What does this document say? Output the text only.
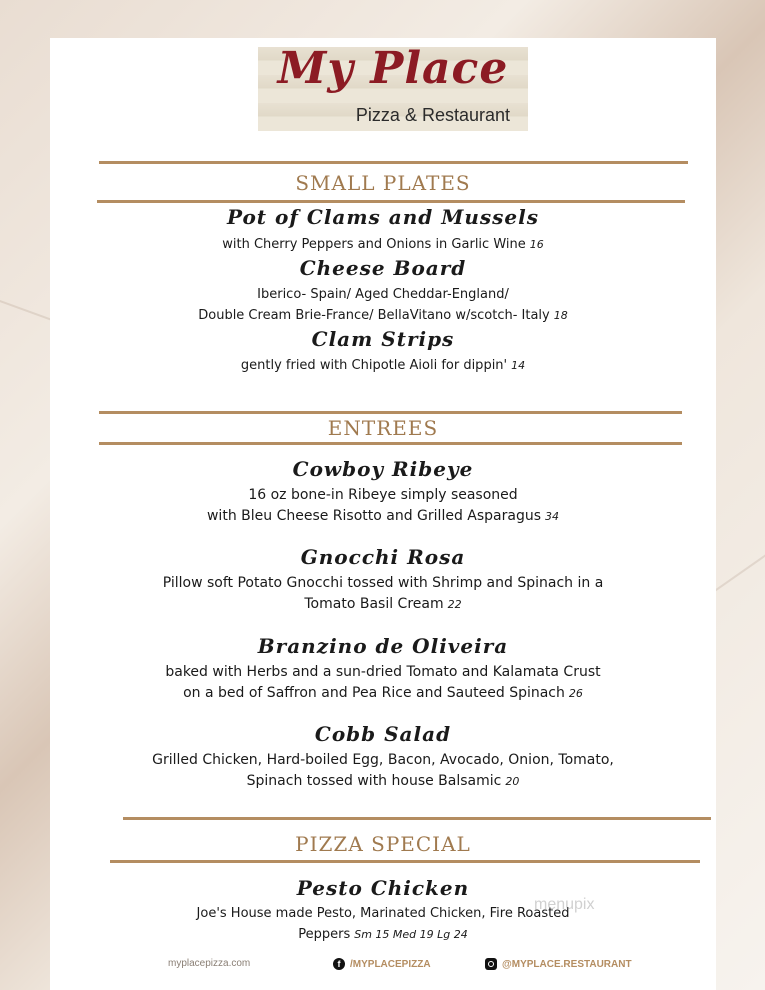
My Place
Pizza & Restaurant
SMALL PLATES
Pot of Clams and Mussels
with Cherry Peppers and Onions in Garlic Wine 16
Cheese Board
Iberico- Spain/ Aged Cheddar-England/
Double Cream Brie-France/ BellaVitano w/scotch- Italy 18
Clam Strips
gently fried with Chipotle Aioli for dippin' 14
ENTREES
Cowboy Ribeye
16 oz bone-in Ribeye simply seasoned
with Bleu Cheese Risotto and Grilled Asparagus 34
Gnocchi Rosa
Pillow soft Potato Gnocchi tossed with Shrimp and Spinach in a
Tomato Basil Cream 22
Branzino de Oliveira
baked with Herbs and a sun-dried Tomato and Kalamata Crust
on a bed of Saffron and Pea Rice and Sauteed Spinach 26
Cobb Salad
Grilled Chicken, Hard-boiled Egg, Bacon, Avocado, Onion, Tomato,
Spinach tossed with house Balsamic 20
PIZZA SPECIAL
Pesto Chicken
Joe's House made Pesto, Marinated Chicken, Fire Roasted
Peppers Sm 15 Med 19 Lg 24
menupix
myplacepizza.com	f /MYPLACEPIZZA	@MYPLACE.RESTAURANT
